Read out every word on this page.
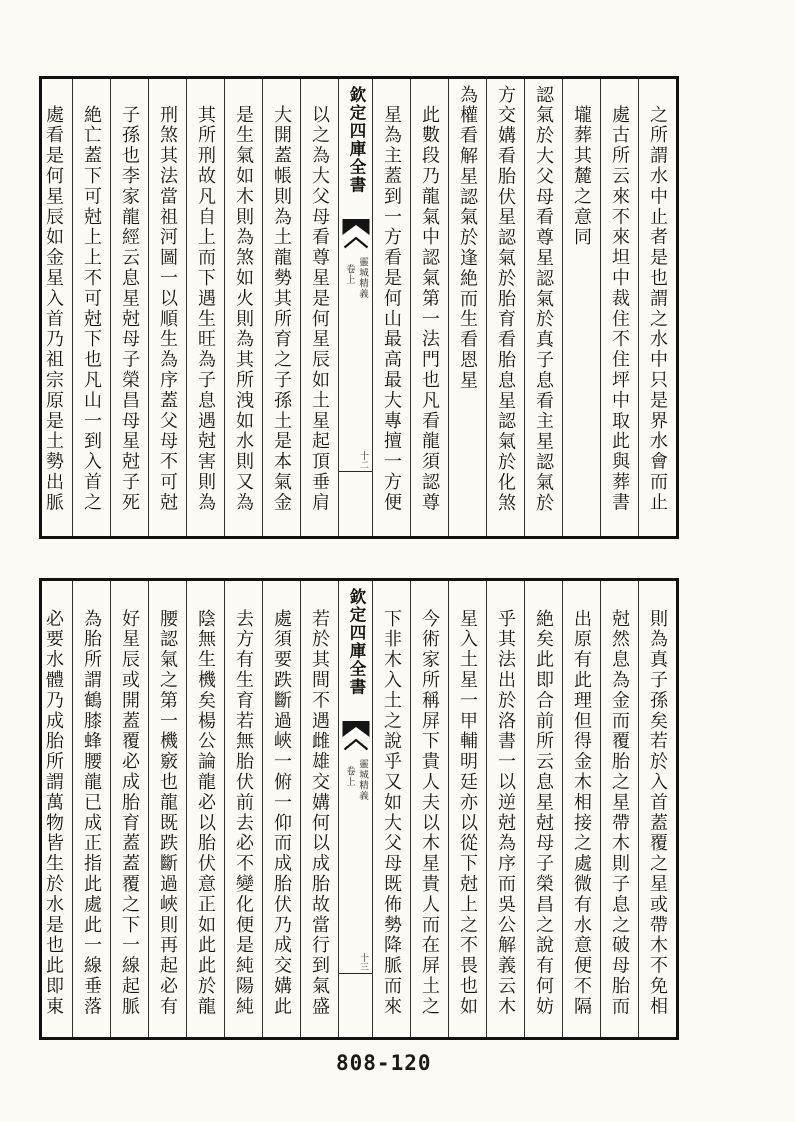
之所謂水中止者是也謂之水中只是界水會而止
處古所云來不來坦中裁住不住坪中取此與葬書
壠葬其麓之意同
認氣於大父母看尊星認氣於真子息看主星認氣於
方交媾看胎伏星認氣於胎育看胎息星認氣於化煞
為權看解星認氣於逢絶而生看恩星
此數段乃龍氣中認氣第一法門也凡看龍須認尊
星為主蓋到一方看是何山最高最大專擅一方便
欽定四庫全書
靈城精義
卷上
十二
以之為大父母看尊星是何星辰如土星起頂垂肩
大開蓋帳則為土龍勢其所育之子孫土是本氣金
是生氣如木則為煞如火則為其所洩如水則又為
其所刑故凡自上而下遇生旺為子息遇尅害則為
刑煞其法當祖河圖一以順生為序蓋父母不可尅
子孫也李家龍經云息星尅母子榮昌母星尅子死
絶亡蓋下可尅上上不可尅下也凡山一到入首之
處看是何星辰如金星入首乃祖宗原是土勢出脈
則為真子孫矣若於入首蓋覆之星或帶木不免相
尅然息為金而覆胎之星帶木則子息之破母胎而
出原有此理但得金木相接之處微有水意便不隔
絶矣此即合前所云息星尅母子榮昌之說有何妨
乎其法出於洛書一以逆尅為序而吳公解義云木
星入土星一甲輔明廷亦以從下尅上之不畏也如
今術家所稱屏下貴人夫以木星貴人而在屏土之
下非木入土之說乎又如大父母既佈勢降脈而來
欽定四庫全書
靈城精義
卷上
十三
若於其間不遇雌雄交媾何以成胎故當行到氣盛
處須要跌斷過峽一俯一仰而成胎伏乃成交媾此
去方有生育若無胎伏前去必不變化便是純陽純
陰無生機矣楊公論龍必以胎伏意正如此此於龍
腰認氣之第一機竅也龍既跌斷過峽則再起必有
好星辰或開蓋覆必成胎育蓋蓋覆之下一線起脈
為胎所謂鶴膝蜂腰龍已成正指此處此一線垂落
必要水體乃成胎所謂萬物皆生於水是也此即東
808-120
